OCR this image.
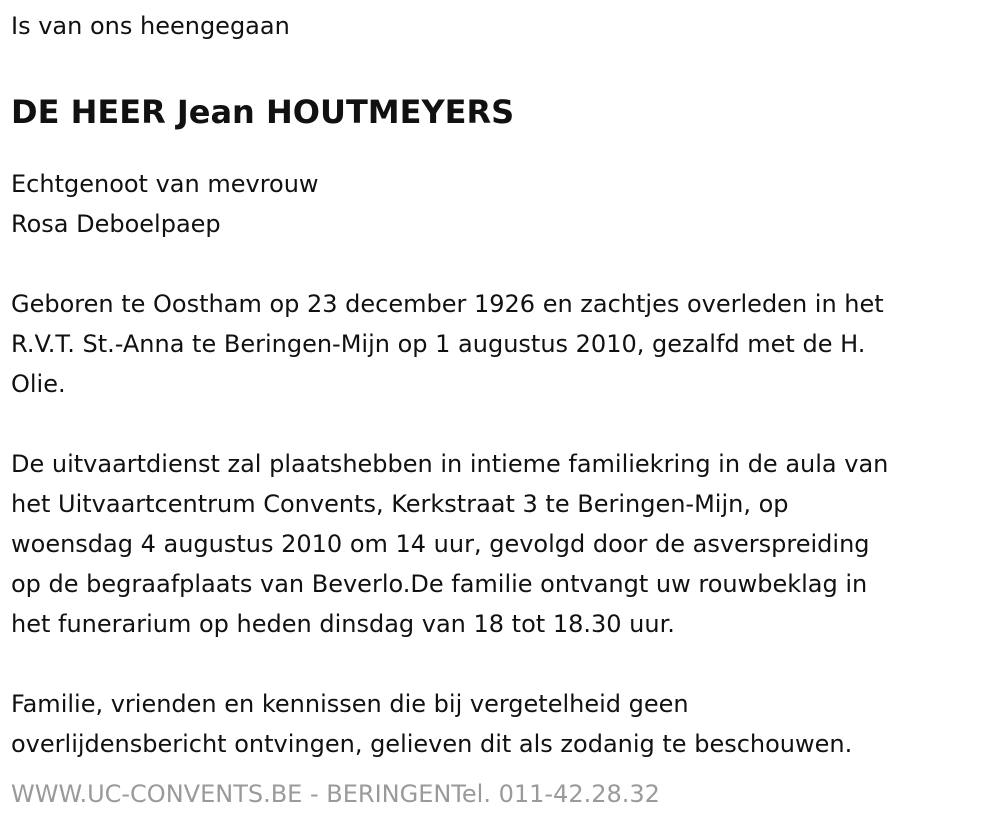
Is van ons heengegaan

DE HEER Jean HOUTMEYERS

Echtgenoot van mevrouw

Rosa Deboelpaep

Geboren te Oostham op 23 december 1926 en zachtjes overleden in het

R.V.T. St.-Anna te Beringen-Mijn op 1 augustus 2010, gezalfd met de H.

Olie.

De uitvaartdienst zal plaatshebben in intieme familiekring in de aula van

het Uitvaartcentrum Convents, Kerkstraat 3 te Beringen-Mijn, op

woensdag 4 augustus 2010 om 14 uur, gevolgd door de asverspreiding

op de begraafplaats van Beverlo.De familie ontvangt uw rouwbeklag in

het funerarium op heden dinsdag van 18 tot 18.30 uur.

Familie, vrienden en kennissen die bij vergetelheid geen

overlijdensbericht ontvingen, gelieven dit als zodanig te beschouwen.

WWW.UC-CONVENTS.BE - BERINGENTel. 011-42.28.32
